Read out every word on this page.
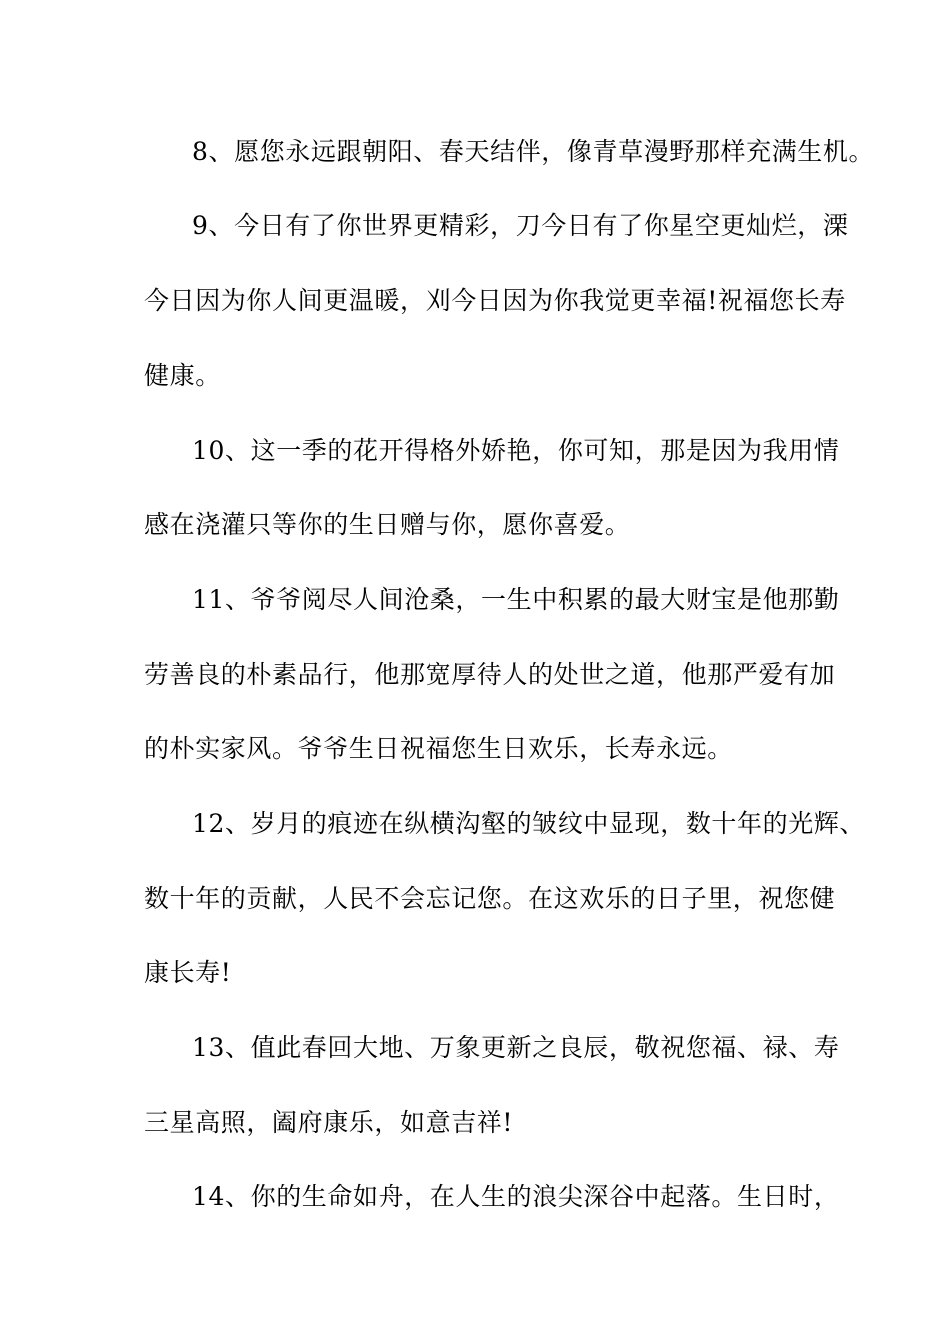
8、愿您永远跟朝阳、春天结伴，像青草漫野那样充满生机。
9、今日有了你世界更精彩，刀今日有了你星空更灿烂，溧
今日因为你人间更温暖，刈今日因为你我觉更幸福!祝福您长寿
健康。
10、这一季的花开得格外娇艳，你可知，那是因为我用情
感在浇灌只等你的生日赠与你，愿你喜爱。
11、爷爷阅尽人间沧桑，一生中积累的最大财宝是他那勤
劳善良的朴素品行，他那宽厚待人的处世之道，他那严爱有加
的朴实家风。爷爷生日祝福您生日欢乐，长寿永远。
12、岁月的痕迹在纵横沟壑的皱纹中显现，数十年的光辉、
数十年的贡献，人民不会忘记您。在这欢乐的日子里，祝您健
康长寿!
13、值此春回大地、万象更新之良辰，敬祝您福、禄、寿
三星高照，阖府康乐，如意吉祥!
14、你的生命如舟，在人生的浪尖深谷中起落。生日时，
